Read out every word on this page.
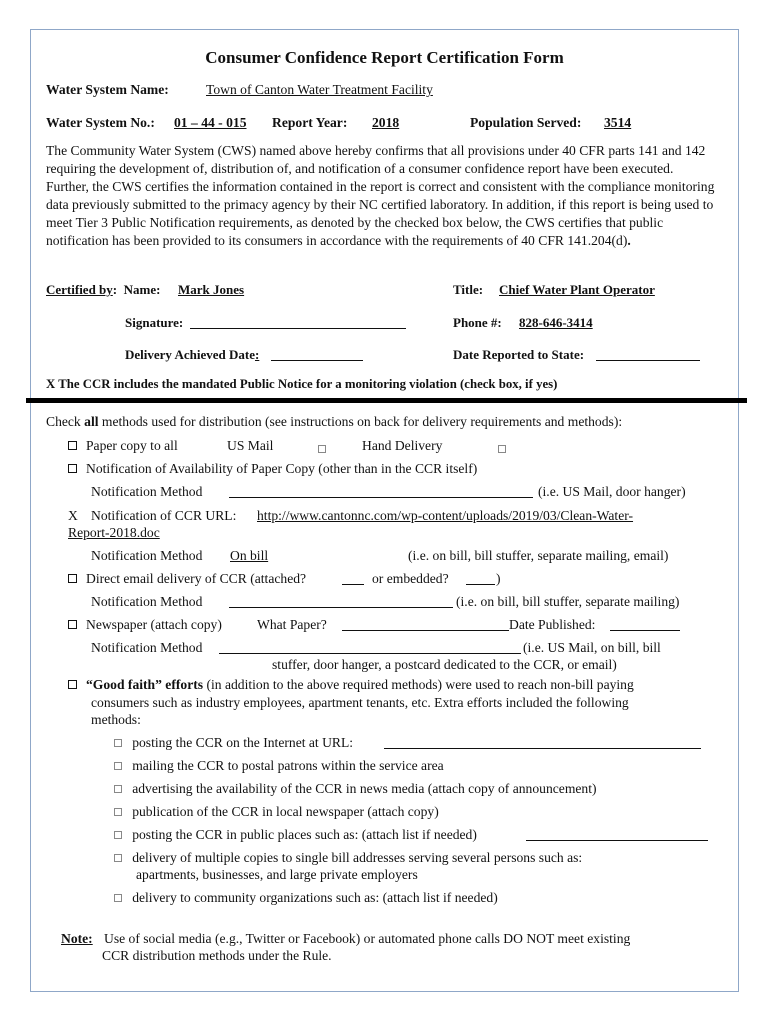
Consumer Confidence Report Certification Form
Water System Name:	Town of Canton Water Treatment Facility
Water System No.: 01 – 44 - 015 Report Year:	2018	Population Served:	3514
The Community Water System (CWS) named above hereby confirms that all provisions under 40 CFR parts 141 and 142 requiring the development of, distribution of, and notification of a consumer confidence report have been executed. Further, the CWS certifies the information contained in the report is correct and consistent with the compliance monitoring data previously submitted to the primacy agency by their NC certified laboratory. In addition, if this report is being used to meet Tier 3 Public Notification requirements, as denoted by the checked box below, the CWS certifies that public notification has been provided to its consumers in accordance with the requirements of 40 CFR 141.204(d).
Certified by: Name:	Mark Jones	Title:	Chief Water Plant Operator
Signature:	Phone #:	828-646-3414
Delivery Achieved Date:	Date Reported to State:
X The CCR includes the mandated Public Notice for a monitoring violation (check box, if yes)
Check all methods used for distribution (see instructions on back for delivery requirements and methods):
Paper copy to all	US Mail	Hand Delivery
Notification of Availability of Paper Copy (other than in the CCR itself)
Notification Method	(i.e. US Mail, door hanger)
X Notification of CCR URL: http://www.cantonnc.com/wp-content/uploads/2019/03/Clean-Water-
Report-2018.doc
Notification Method On bill	(i.e. on bill, bill stuffer, separate mailing, email)
Direct email delivery of CCR (attached?	or embedded?	)
Notification Method	(i.e. on bill, bill stuffer, separate mailing)
Newspaper (attach copy)	What Paper?	Date Published:
Notification Method	(i.e. US Mail, on bill, bill
stuffer, door hanger, a postcard dedicated to the CCR, or email)
“Good faith” efforts (in addition to the above required methods) were used to reach non-bill paying
consumers such as industry employees, apartment tenants, etc. Extra efforts included the following
methods:
posting the CCR on the Internet at URL:
mailing the CCR to postal patrons within the service area
advertising the availability of the CCR in news media (attach copy of announcement)
publication of the CCR in local newspaper (attach copy)
posting the CCR in public places such as: (attach list if needed)
delivery of multiple copies to single bill addresses serving several persons such as:
apartments, businesses, and large private employers
delivery to community organizations such as: (attach list if needed)
Note: Use of social media (e.g., Twitter or Facebook) or automated phone calls DO NOT meet existing
CCR distribution methods under the Rule.
